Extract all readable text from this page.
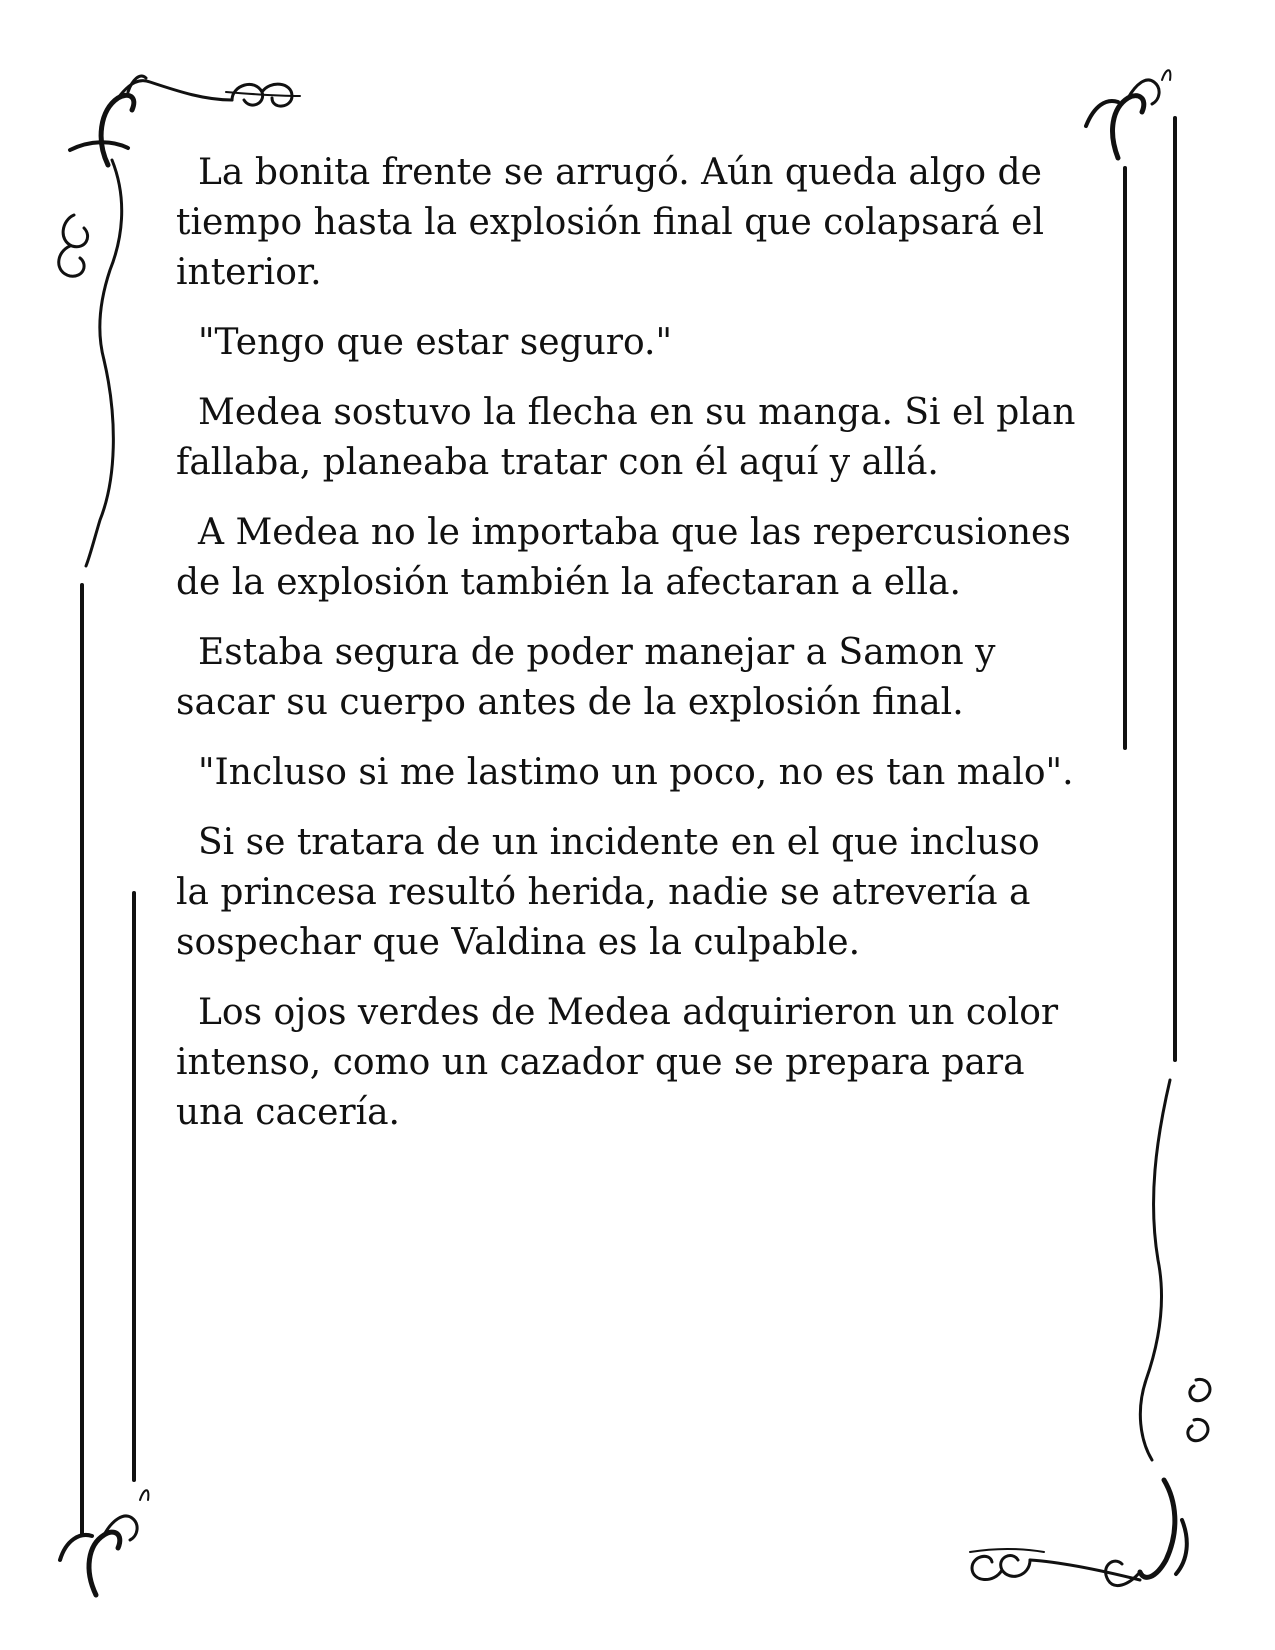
La bonita frente se arrugó. Aún queda algo de tiempo hasta la explosión final que colapsará el interior.

"Tengo que estar seguro."

Medea sostuvo la flecha en su manga. Si el plan fallaba, planeaba tratar con él aquí y allá.

A Medea no le importaba que las repercusiones de la explosión también la afectaran a ella.

Estaba segura de poder manejar a Samon y sacar su cuerpo antes de la explosión final.

"Incluso si me lastimo un poco, no es tan malo".

Si se tratara de un incidente en el que incluso la princesa resultó herida, nadie se atrevería a sospechar que Valdina es la culpable.

Los ojos verdes de Medea adquirieron un color intenso, como un cazador que se prepara para una cacería.
